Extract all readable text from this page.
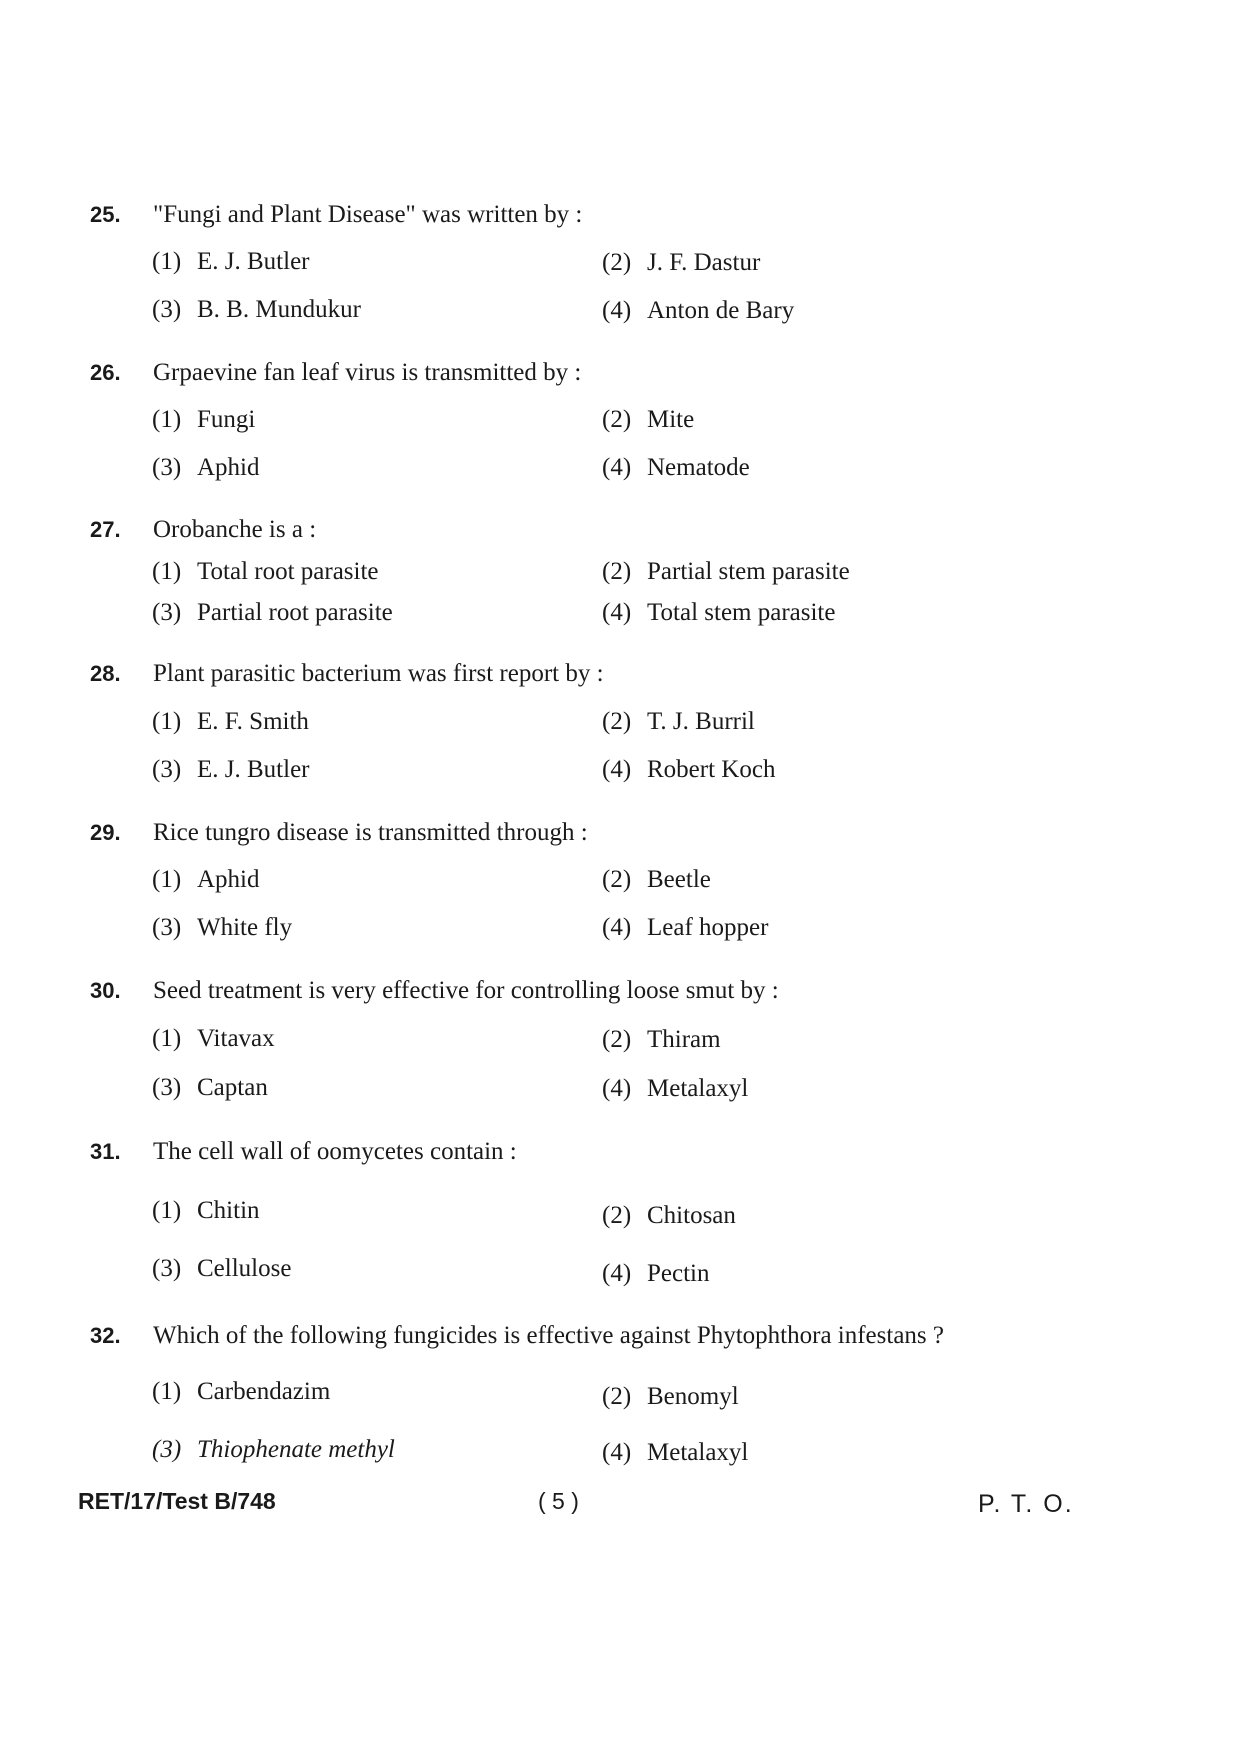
25. "Fungi and Plant Disease" was written by :
(1) E. J. Butler	(2) J. F. Dastur
(3) B. B. Mundukur	(4) Anton de Bary
26. Grpaevine fan leaf virus is transmitted by :
(1) Fungi	(2) Mite
(3) Aphid	(4) Nematode
27. Orobanche is a :
(1) Total root parasite	(2) Partial stem parasite
(3) Partial root parasite	(4) Total stem parasite
28. Plant parasitic bacterium was first report by :
(1) E. F. Smith	(2) T. J. Burril
(3) E. J. Butler	(4) Robert Koch
29. Rice tungro disease is transmitted through :
(1) Aphid	(2) Beetle
(3) White fly	(4) Leaf hopper
30. Seed treatment is very effective for controlling loose smut by :
(1) Vitavax	(2) Thiram
(3) Captan	(4) Metalaxyl
31. The cell wall of oomycetes contain :
(1) Chitin	(2) Chitosan
(3) Cellulose	(4) Pectin
32. Which of the following fungicides is effective against Phytophthora infestans ?
(1) Carbendazim	(2) Benomyl
(3) Thiophenate methyl	(4) Metalaxyl
RET/17/Test B/748	( 5 )	P. T. O.
